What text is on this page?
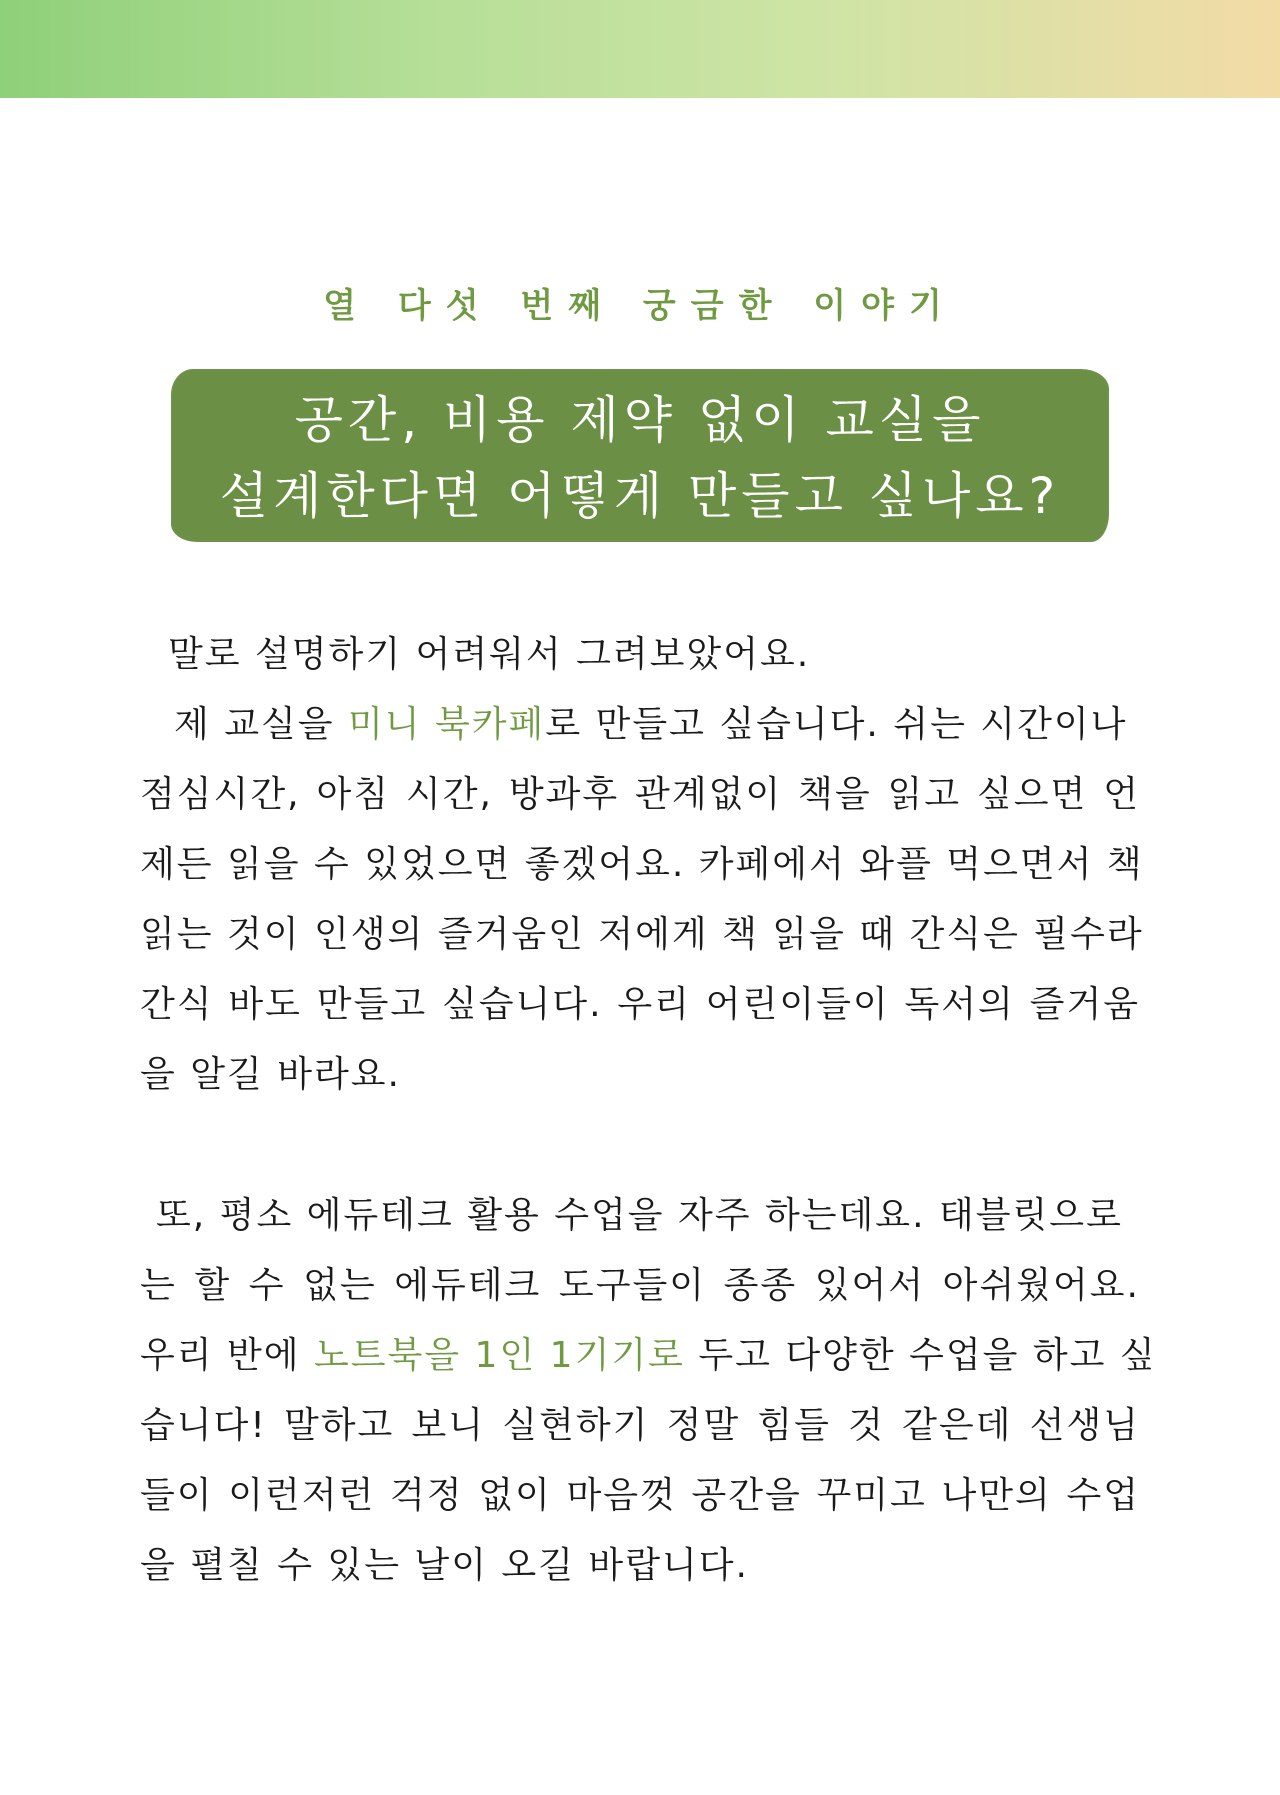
열 다섯 번째 궁금한 이야기
공간, 비용 제약 없이 교실을
설계한다면 어떻게 만들고 싶나요?
말로 설명하기 어려워서 그려보았어요.
제 교실을 미니 북카페로 만들고 싶습니다. 쉬는 시간이나
점심시간, 아침 시간, 방과후 관계없이 책을 읽고 싶으면 언
제든 읽을 수 있었으면 좋겠어요. 카페에서 와플 먹으면서 책
읽는 것이 인생의 즐거움인 저에게 책 읽을 때 간식은 필수라
간식 바도 만들고 싶습니다. 우리 어린이들이 독서의 즐거움
을 알길 바라요.
또, 평소 에듀테크 활용 수업을 자주 하는데요. 태블릿으로
는 할 수 없는 에듀테크 도구들이 종종 있어서 아쉬웠어요.
우리 반에 노트북을 1인 1기기로 두고 다양한 수업을 하고 싶
습니다! 말하고 보니 실현하기 정말 힘들 것 같은데 선생님
들이 이런저런 걱정 없이 마음껏 공간을 꾸미고 나만의 수업
을 펼칠 수 있는 날이 오길 바랍니다.
